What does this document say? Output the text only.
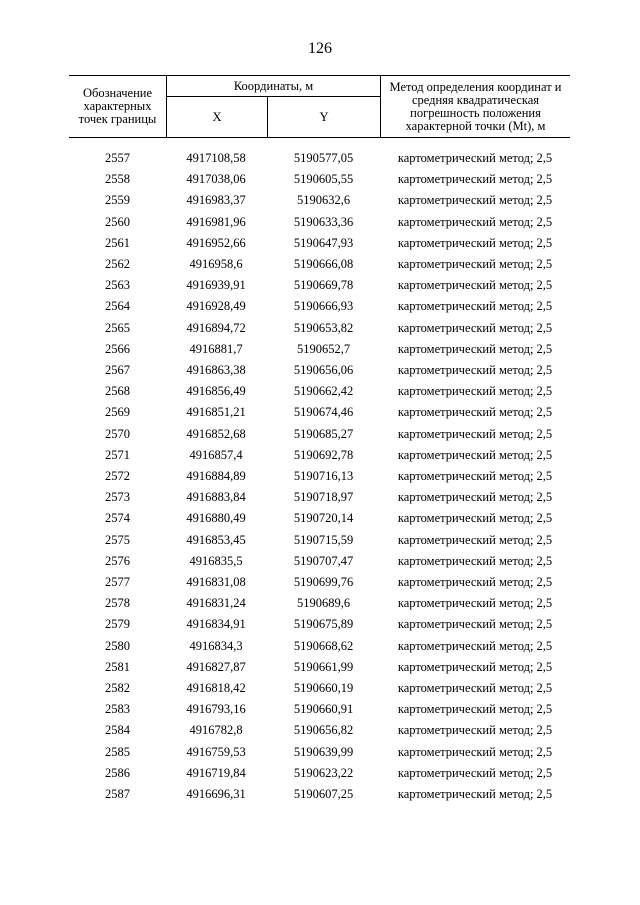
126
Обозначение характерных точек границы
Координаты, м
X	Y
Метод определения координат и средняя квадратическая погрешность положения характерной точки (Mt), м
2557	4917108,58	5190577,05	картометрический метод; 2,5
2558	4917038,06	5190605,55	картометрический метод; 2,5
2559	4916983,37	5190632,6	картометрический метод; 2,5
2560	4916981,96	5190633,36	картометрический метод; 2,5
2561	4916952,66	5190647,93	картометрический метод; 2,5
2562	4916958,6	5190666,08	картометрический метод; 2,5
2563	4916939,91	5190669,78	картометрический метод; 2,5
2564	4916928,49	5190666,93	картометрический метод; 2,5
2565	4916894,72	5190653,82	картометрический метод; 2,5
2566	4916881,7	5190652,7	картометрический метод; 2,5
2567	4916863,38	5190656,06	картометрический метод; 2,5
2568	4916856,49	5190662,42	картометрический метод; 2,5
2569	4916851,21	5190674,46	картометрический метод; 2,5
2570	4916852,68	5190685,27	картометрический метод; 2,5
2571	4916857,4	5190692,78	картометрический метод; 2,5
2572	4916884,89	5190716,13	картометрический метод; 2,5
2573	4916883,84	5190718,97	картометрический метод; 2,5
2574	4916880,49	5190720,14	картометрический метод; 2,5
2575	4916853,45	5190715,59	картометрический метод; 2,5
2576	4916835,5	5190707,47	картометрический метод; 2,5
2577	4916831,08	5190699,76	картометрический метод; 2,5
2578	4916831,24	5190689,6	картометрический метод; 2,5
2579	4916834,91	5190675,89	картометрический метод; 2,5
2580	4916834,3	5190668,62	картометрический метод; 2,5
2581	4916827,87	5190661,99	картометрический метод; 2,5
2582	4916818,42	5190660,19	картометрический метод; 2,5
2583	4916793,16	5190660,91	картометрический метод; 2,5
2584	4916782,8	5190656,82	картометрический метод; 2,5
2585	4916759,53	5190639,99	картометрический метод; 2,5
2586	4916719,84	5190623,22	картометрический метод; 2,5
2587	4916696,31	5190607,25	картометрический метод; 2,5
